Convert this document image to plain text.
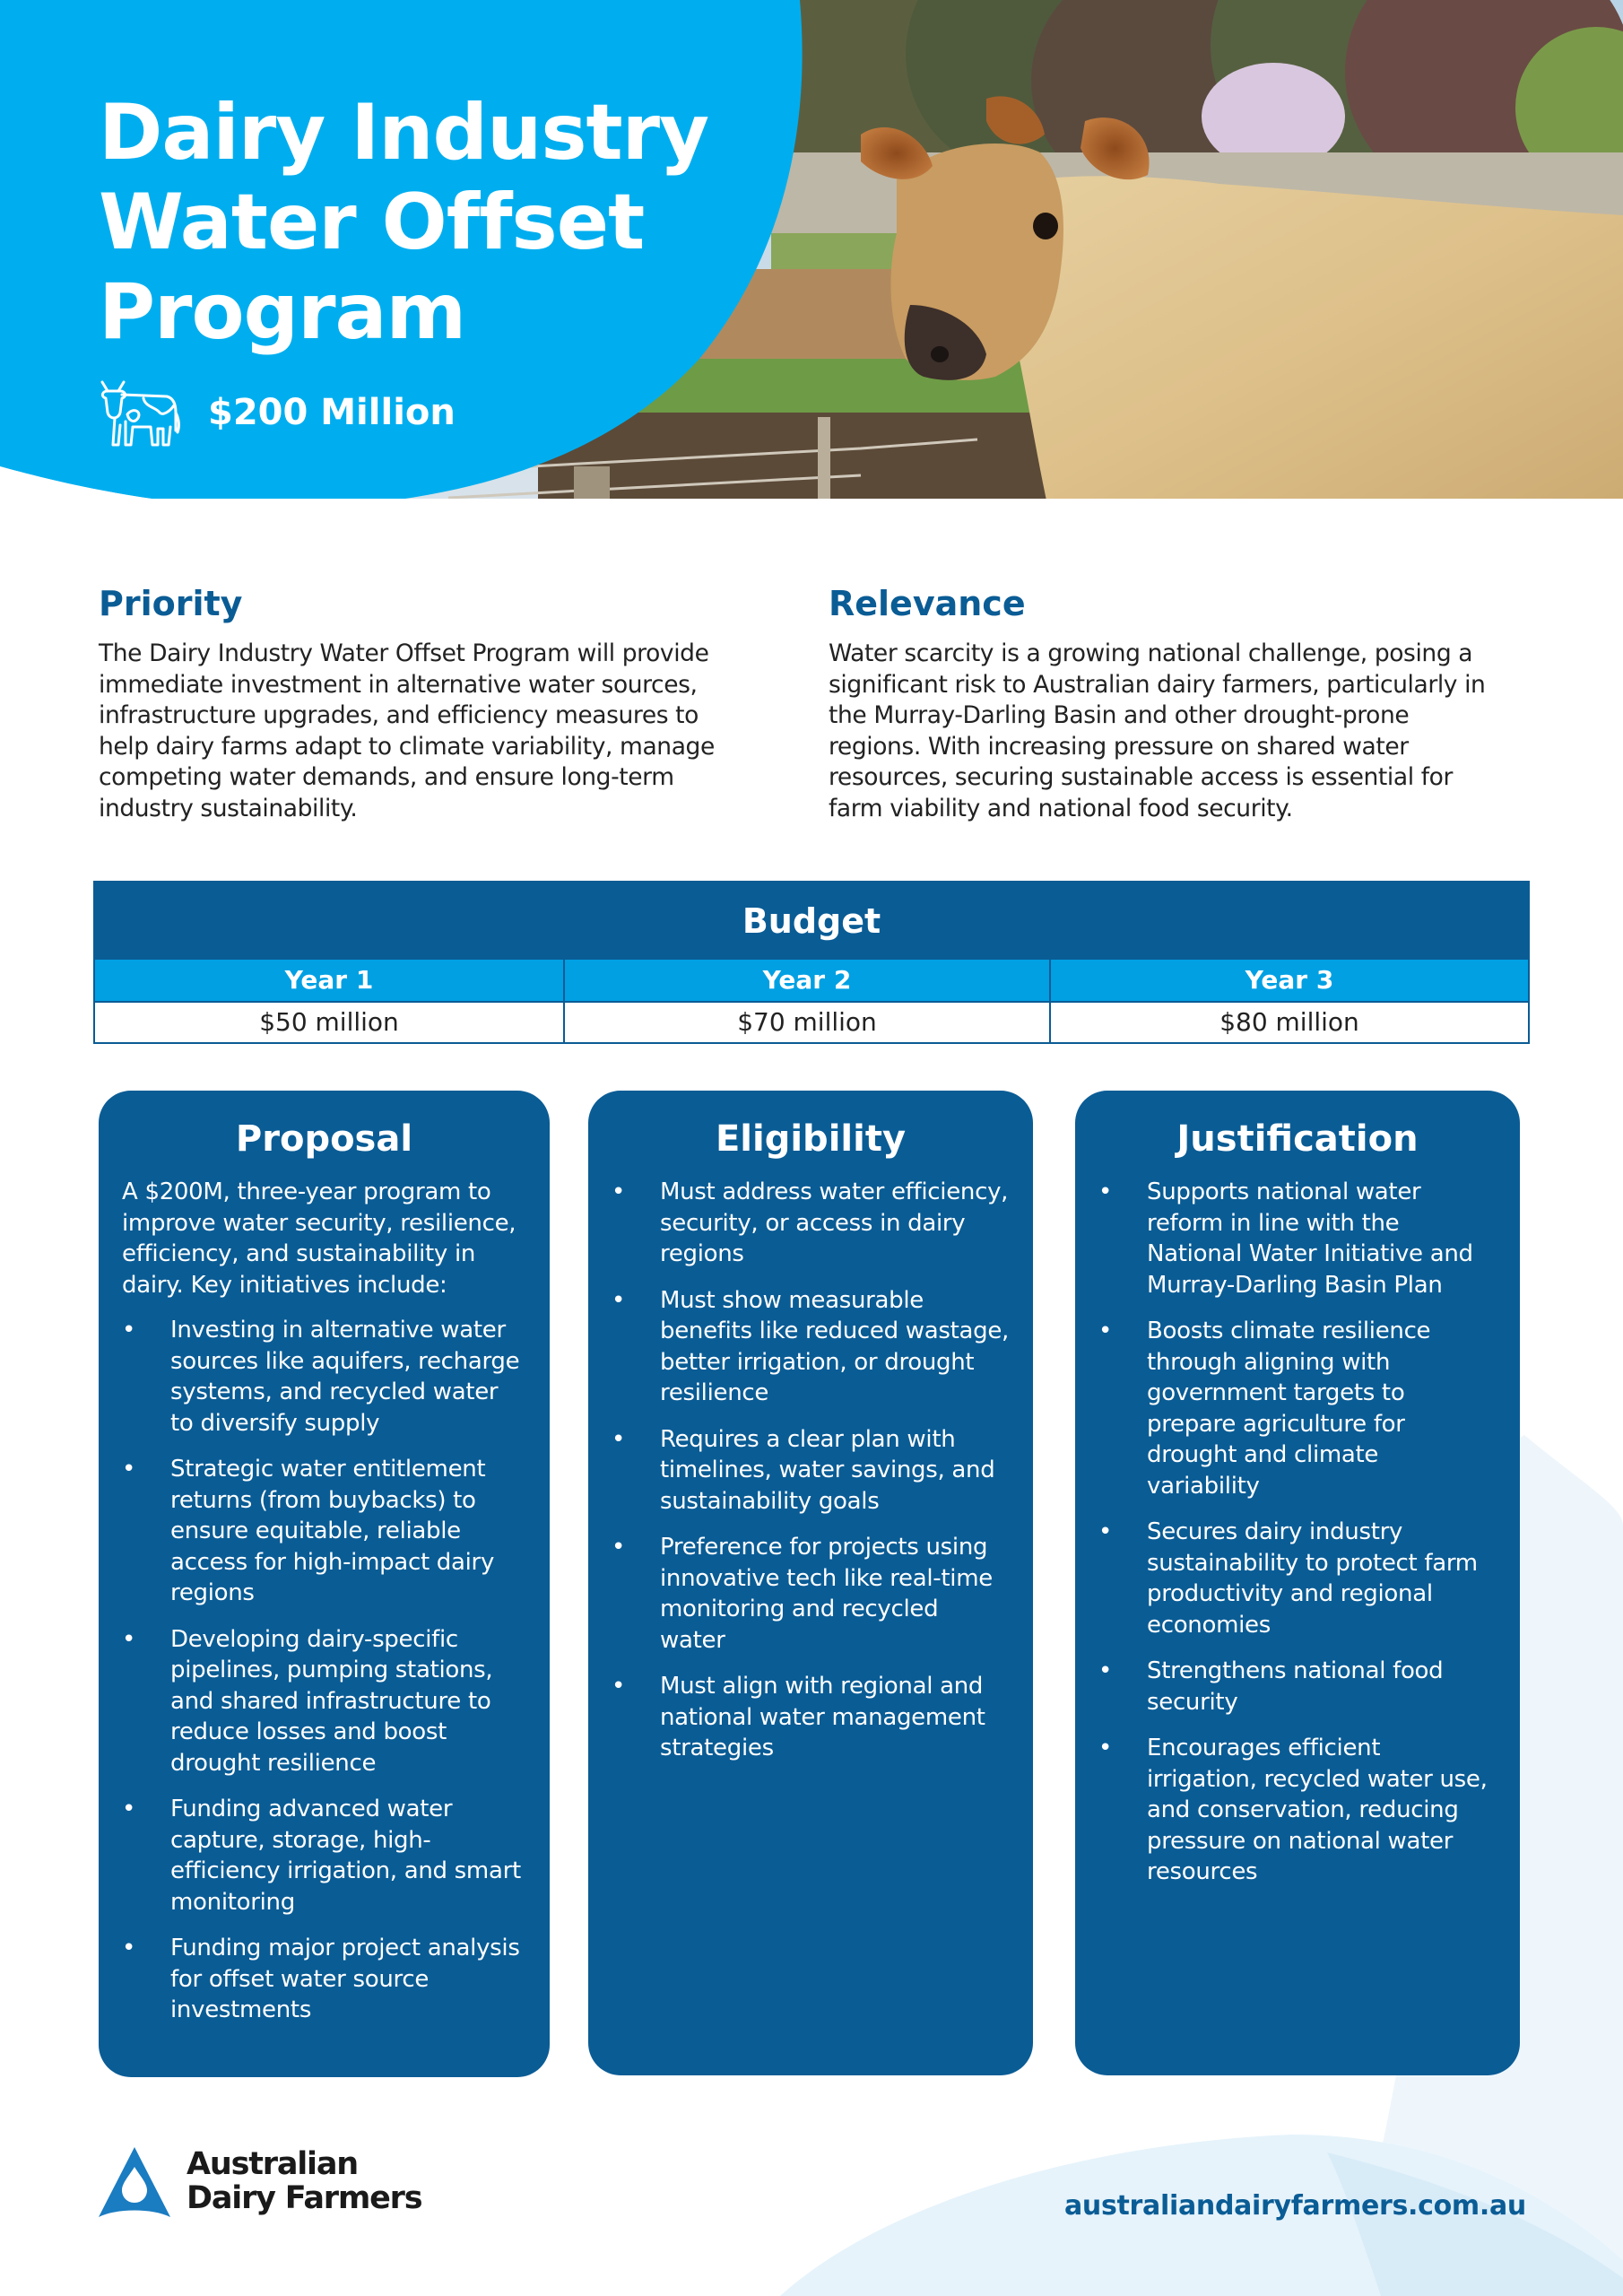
Dairy Industry
Water Offset
Program
$200 Million
Priority

The Dairy Industry Water Offset Program will provide immediate investment in alternative water sources, infrastructure upgrades, and efficiency measures to help dairy farms adapt to climate variability, manage competing water demands, and ensure long-term industry sustainability.

Relevance

Water scarcity is a growing national challenge, posing a significant risk to Australian dairy farmers, particularly in the Murray-Darling Basin and other drought-prone regions. With increasing pressure on shared water resources, securing sustainable access is essential for farm viability and national food security.

Budget
Year 1	Year 2	Year 3
$50 million	$70 million	$80 million
Proposal

A $200M, three-year program to improve water security, resilience, efficiency, and sustainability in dairy. Key initiatives include:

•
Investing in alternative water sources like aquifers, recharge systems, and recycled water to diversify supply
•
Strategic water entitlement returns (from buybacks) to ensure equitable, reliable access for high-impact dairy regions
•
Developing dairy-specific pipelines, pumping stations, and shared infrastructure to reduce losses and boost drought resilience
•
Funding advanced water capture, storage, high-efficiency irrigation, and smart monitoring
•
Funding major project analysis for offset water source investments
Eligibility
•
Must address water efficiency, security, or access in dairy regions
•
Must show measurable benefits like reduced wastage, better irrigation, or drought resilience
•
Requires a clear plan with timelines, water savings, and sustainability goals
•
Preference for projects using innovative tech like real-time monitoring and recycled water
•
Must align with regional and national water management strategies
Justification
•
Supports national water reform in line with the National Water Initiative and Murray-Darling Basin Plan
•
Boosts climate resilience through aligning with government targets to prepare agriculture for drought and climate variability
•
Secures dairy industry sustainability to protect farm productivity and regional economies
•
Strengthens national food security
•
Encourages efficient irrigation, recycled water use, and conservation, reducing pressure on national water resources
Australian
Dairy Farmers	australiandairyfarmers.com.au
